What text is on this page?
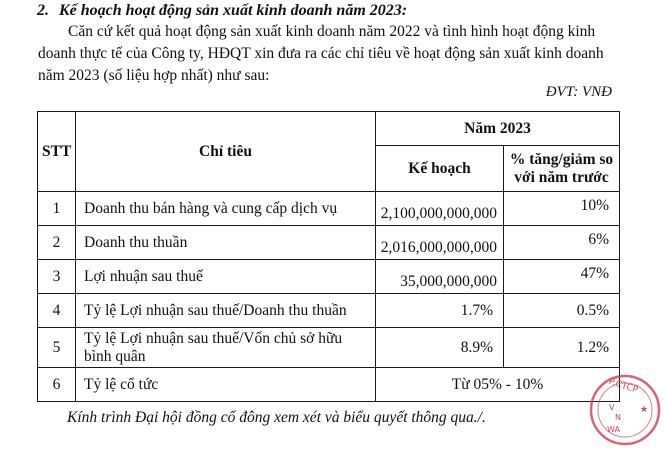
2. Kế hoạch hoạt động sản xuất kinh doanh năm 2023:
Căn cứ kết quả hoạt động sản xuất kinh doanh năm 2022 và tình hình hoạt động kinh doanh thực tế của Công ty, HĐQT xin đưa ra các chỉ tiêu về hoạt động sản xuất kinh doanh năm 2023 (số liệu hợp nhất) như sau:
ĐVT: VNĐ
STT	Chỉ tiêu	Năm 2023	
		Kế hoạch	% tăng/giảm so với năm trước
1	Doanh thu bán hàng và cung cấp dịch vụ	2,100,000,000,000	10%
2	Doanh thu thuần	2,016,000,000,000	6%
3	Lợi nhuận sau thuế	35,000,000,000	47%
4	Tỷ lệ Lợi nhuận sau thuế/Doanh thu thuần	1.7%	0.5%
5	Tỷ lệ Lợi nhuận sau thuế/Vốn chủ sở hữu bình quân	8.9%	1.2%
6	Tỷ lệ cổ tức	Từ 05% - 10%	
Kính trình Đại hội đồng cổ đông xem xét và biểu quyết thông qua./.
P.CTCP
★
V
N
WA
